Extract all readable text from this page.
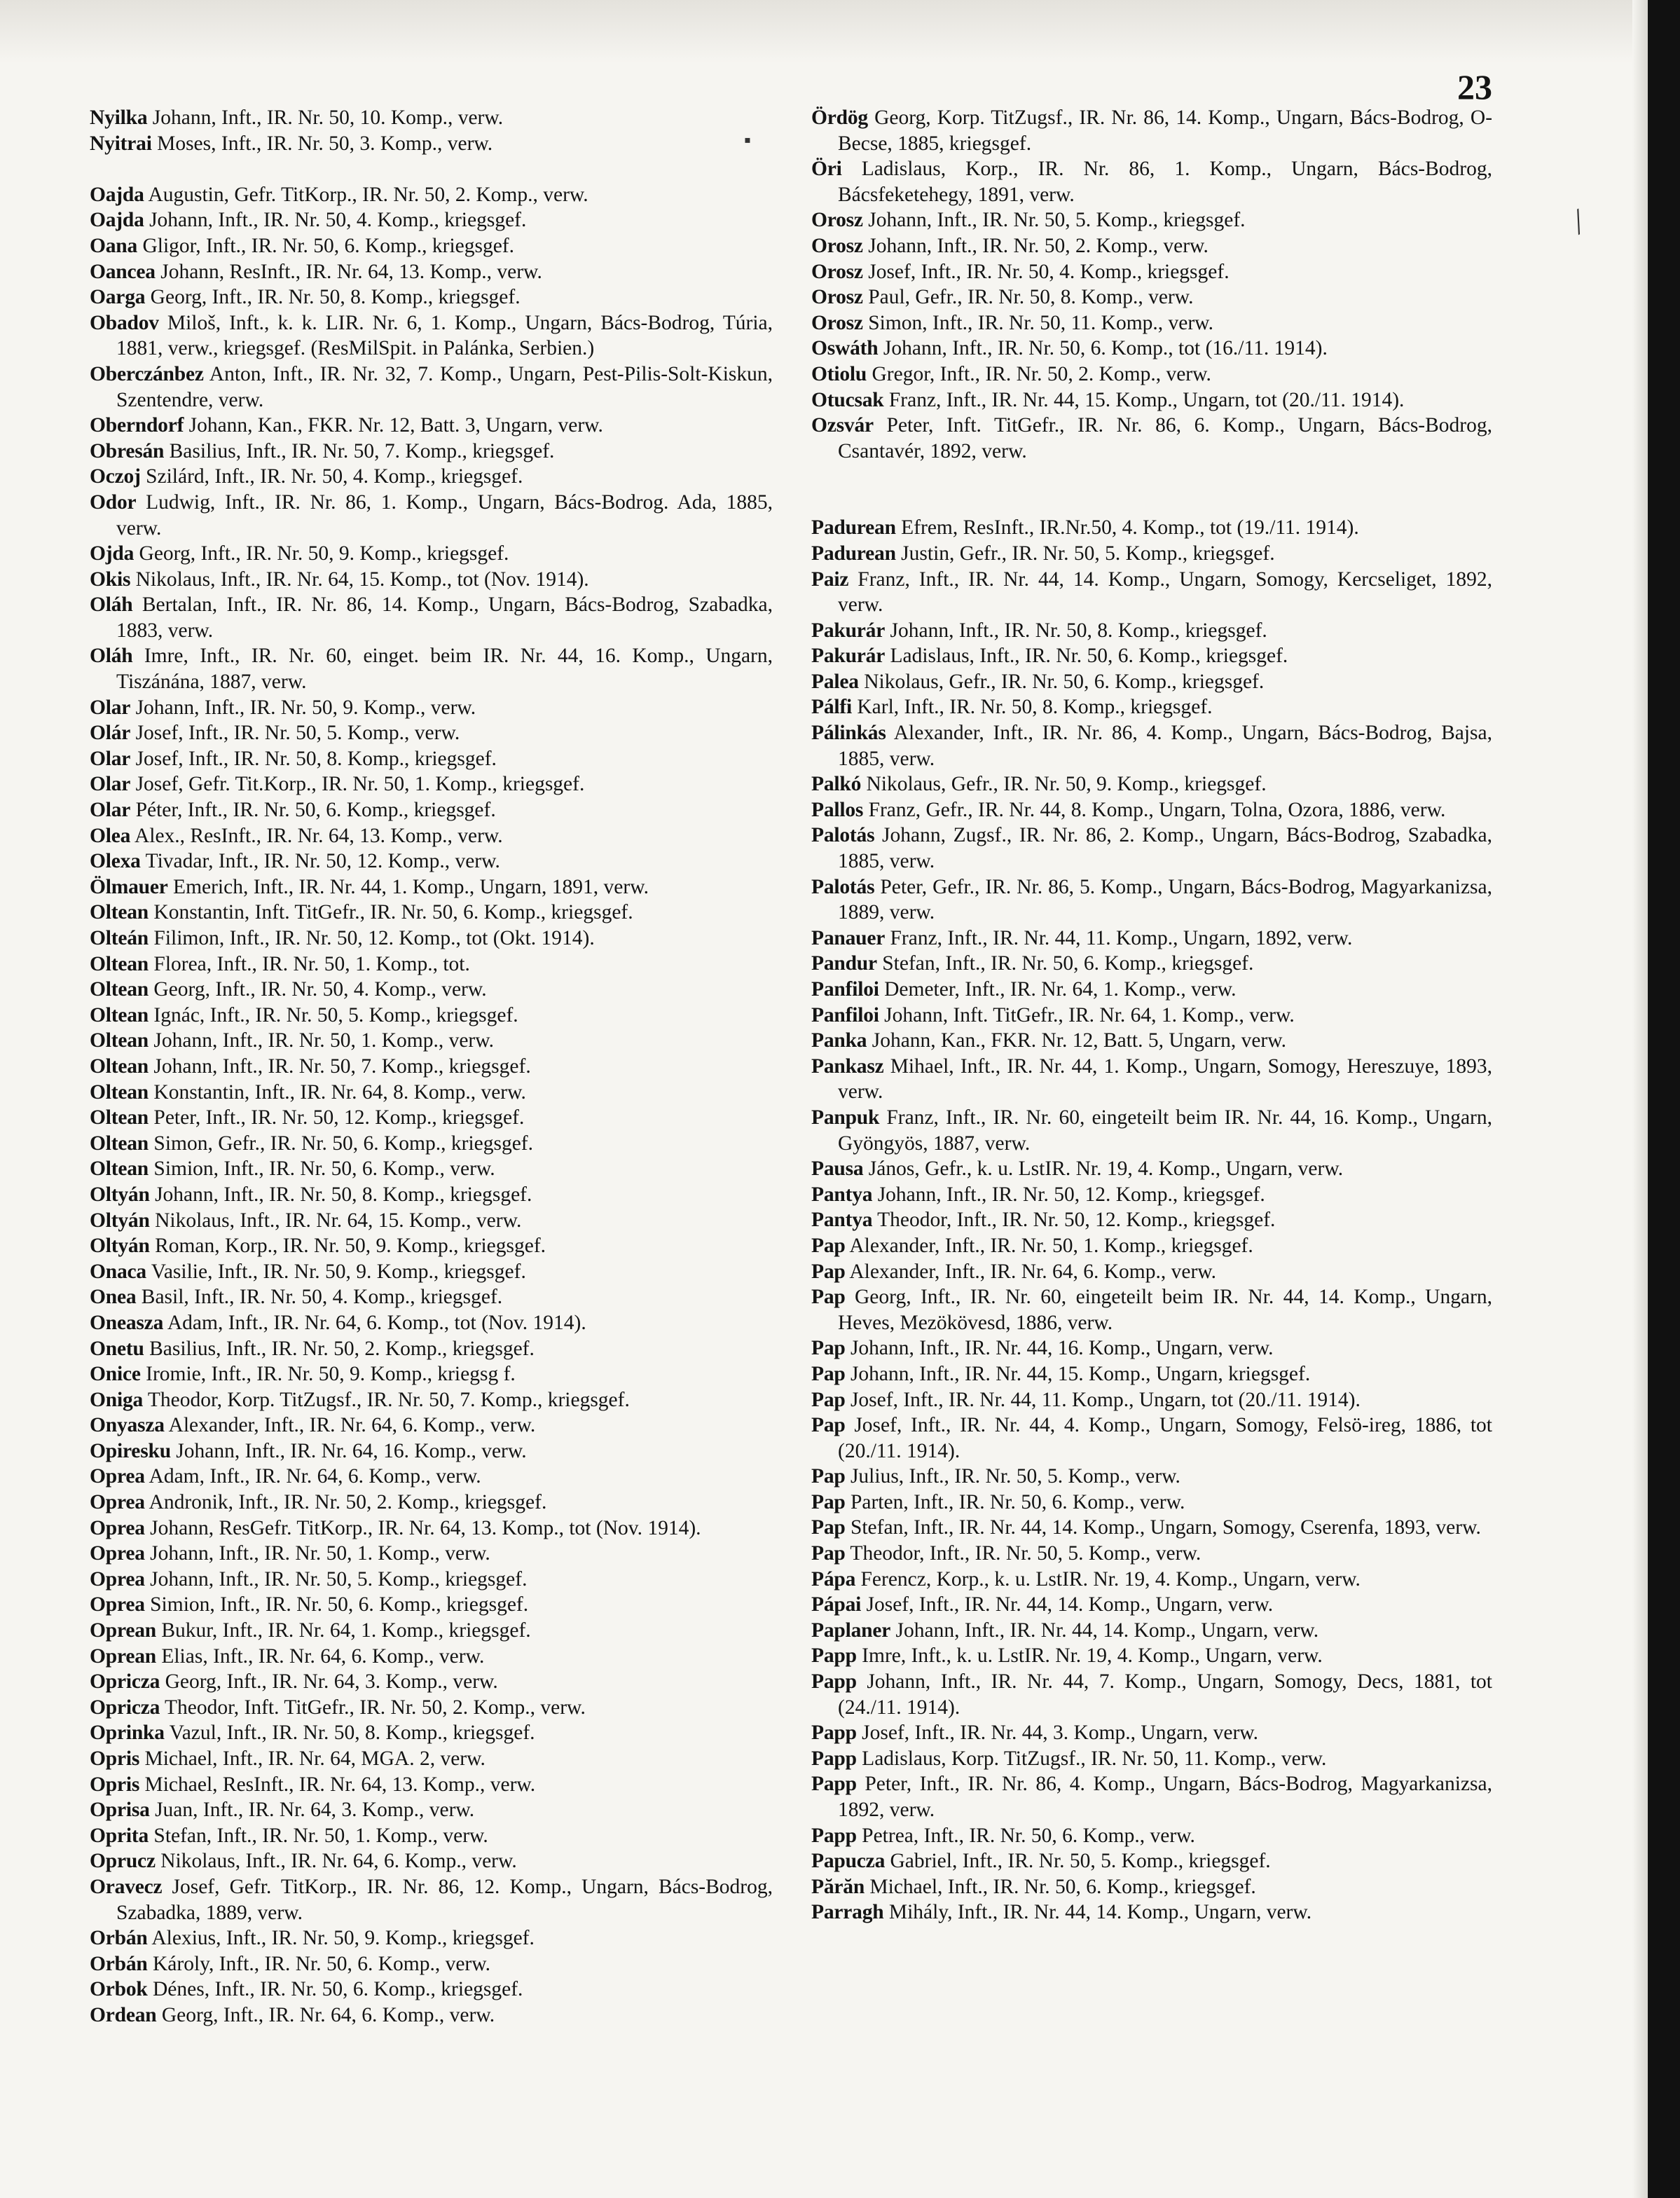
23

Nyilka Johann, Inft., IR. Nr. 50, 10. Komp., verw.

Nyitrai Moses, Inft., IR. Nr. 50, 3. Komp., verw.

Oajda Augustin, Gefr. TitKorp., IR. Nr. 50, 2. Komp., verw.

Oajda Johann, Inft., IR. Nr. 50, 4. Komp., kriegsgef.

Oana Gligor, Inft., IR. Nr. 50, 6. Komp., kriegsgef.

Oancea Johann, ResInft., IR. Nr. 64, 13. Komp., verw.

Oarga Georg, Inft., IR. Nr. 50, 8. Komp., kriegsgef.

Obadov Miloš, Inft., k. k. LIR. Nr. 6, 1. Komp., Ungarn, Bács-Bodrog, Túria, 1881, verw., kriegsgef. (ResMilSpit. in Palánka, Serbien.)

Oberczánbez Anton, Inft., IR. Nr. 32, 7. Komp., Ungarn, Pest-Pilis-Solt-Kiskun, Szentendre, verw.

Oberndorf Johann, Kan., FKR. Nr. 12, Batt. 3, Ungarn, verw.

Obresán Basilius, Inft., IR. Nr. 50, 7. Komp., kriegsgef.

Oczoj Szilárd, Inft., IR. Nr. 50, 4. Komp., kriegsgef.

Odor Ludwig, Inft., IR. Nr. 86, 1. Komp., Ungarn, Bács-Bodrog. Ada, 1885, verw.

Ojda Georg, Inft., IR. Nr. 50, 9. Komp., kriegsgef.

Okis Nikolaus, Inft., IR. Nr. 64, 15. Komp., tot (Nov. 1914).

Oláh Bertalan, Inft., IR. Nr. 86, 14. Komp., Ungarn, Bács-Bodrog, Szabadka, 1883, verw.

Oláh Imre, Inft., IR. Nr. 60, einget. beim IR. Nr. 44, 16. Komp., Ungarn, Tiszánána, 1887, verw.

Olar Johann, Inft., IR. Nr. 50, 9. Komp., verw.

Olár Josef, Inft., IR. Nr. 50, 5. Komp., verw.

Olar Josef, Inft., IR. Nr. 50, 8. Komp., kriegsgef.

Olar Josef, Gefr. Tit.Korp., IR. Nr. 50, 1. Komp., kriegsgef.

Olar Péter, Inft., IR. Nr. 50, 6. Komp., kriegsgef.

Olea Alex., ResInft., IR. Nr. 64, 13. Komp., verw.

Olexa Tivadar, Inft., IR. Nr. 50, 12. Komp., verw.

Ölmauer Emerich, Inft., IR. Nr. 44, 1. Komp., Ungarn, 1891, verw.

Oltean Konstantin, Inft. TitGefr., IR. Nr. 50, 6. Komp., kriegsgef.

Olteán Filimon, Inft., IR. Nr. 50, 12. Komp., tot (Okt. 1914).

Oltean Florea, Inft., IR. Nr. 50, 1. Komp., tot.

Oltean Georg, Inft., IR. Nr. 50, 4. Komp., verw.

Oltean Ignác, Inft., IR. Nr. 50, 5. Komp., kriegsgef.

Oltean Johann, Inft., IR. Nr. 50, 1. Komp., verw.

Oltean Johann, Inft., IR. Nr. 50, 7. Komp., kriegsgef.

Oltean Konstantin, Inft., IR. Nr. 64, 8. Komp., verw.

Oltean Peter, Inft., IR. Nr. 50, 12. Komp., kriegsgef.

Oltean Simon, Gefr., IR. Nr. 50, 6. Komp., kriegsgef.

Oltean Simion, Inft., IR. Nr. 50, 6. Komp., verw.

Oltyán Johann, Inft., IR. Nr. 50, 8. Komp., kriegsgef.

Oltyán Nikolaus, Inft., IR. Nr. 64, 15. Komp., verw.

Oltyán Roman, Korp., IR. Nr. 50, 9. Komp., kriegsgef.

Onaca Vasilie, Inft., IR. Nr. 50, 9. Komp., kriegsgef.

Onea Basil, Inft., IR. Nr. 50, 4. Komp., kriegsgef.

Oneasza Adam, Inft., IR. Nr. 64, 6. Komp., tot (Nov. 1914).

Onetu Basilius, Inft., IR. Nr. 50, 2. Komp., kriegsgef.

Onice Iromie, Inft., IR. Nr. 50, 9. Komp., kriegsg f.

Oniga Theodor, Korp. TitZugsf., IR. Nr. 50, 7. Komp., kriegsgef.

Onyasza Alexander, Inft., IR. Nr. 64, 6. Komp., verw.

Opiresku Johann, Inft., IR. Nr. 64, 16. Komp., verw.

Oprea Adam, Inft., IR. Nr. 64, 6. Komp., verw.

Oprea Andronik, Inft., IR. Nr. 50, 2. Komp., kriegsgef.

Oprea Johann, ResGefr. TitKorp., IR. Nr. 64, 13. Komp., tot (Nov. 1914).

Oprea Johann, Inft., IR. Nr. 50, 1. Komp., verw.

Oprea Johann, Inft., IR. Nr. 50, 5. Komp., kriegsgef.

Oprea Simion, Inft., IR. Nr. 50, 6. Komp., kriegsgef.

Oprean Bukur, Inft., IR. Nr. 64, 1. Komp., kriegsgef.

Oprean Elias, Inft., IR. Nr. 64, 6. Komp., verw.

Opricza Georg, Inft., IR. Nr. 64, 3. Komp., verw.

Opricza Theodor, Inft. TitGefr., IR. Nr. 50, 2. Komp., verw.

Oprinka Vazul, Inft., IR. Nr. 50, 8. Komp., kriegsgef.

Opris Michael, Inft., IR. Nr. 64, MGA. 2, verw.

Opris Michael, ResInft., IR. Nr. 64, 13. Komp., verw.

Oprisa Juan, Inft., IR. Nr. 64, 3. Komp., verw.

Oprita Stefan, Inft., IR. Nr. 50, 1. Komp., verw.

Oprucz Nikolaus, Inft., IR. Nr. 64, 6. Komp., verw.

Oravecz Josef, Gefr. TitKorp., IR. Nr. 86, 12. Komp., Ungarn, Bács-Bodrog, Szabadka, 1889, verw.

Orbán Alexius, Inft., IR. Nr. 50, 9. Komp., kriegsgef.

Orbán Károly, Inft., IR. Nr. 50, 6. Komp., verw.

Orbok Dénes, Inft., IR. Nr. 50, 6. Komp., kriegsgef.

Ordean Georg, Inft., IR. Nr. 64, 6. Komp., verw.

Ördög Georg, Korp. TitZugsf., IR. Nr. 86, 14. Komp., Ungarn, Bács-Bodrog, O-Becse, 1885, kriegsgef.

Öri Ladislaus, Korp., IR. Nr. 86, 1. Komp., Ungarn, Bács-Bodrog, Bácsfeketehegy, 1891, verw.

Orosz Johann, Inft., IR. Nr. 50, 5. Komp., kriegsgef.

Orosz Johann, Inft., IR. Nr. 50, 2. Komp., verw.

Orosz Josef, Inft., IR. Nr. 50, 4. Komp., kriegsgef.

Orosz Paul, Gefr., IR. Nr. 50, 8. Komp., verw.

Orosz Simon, Inft., IR. Nr. 50, 11. Komp., verw.

Oswáth Johann, Inft., IR. Nr. 50, 6. Komp., tot (16./11. 1914).

Otiolu Gregor, Inft., IR. Nr. 50, 2. Komp., verw.

Otucsak Franz, Inft., IR. Nr. 44, 15. Komp., Ungarn, tot (20./11. 1914).

Ozsvár Peter, Inft. TitGefr., IR. Nr. 86, 6. Komp., Ungarn, Bács-Bodrog, Csantavér, 1892, verw.

Padurean Efrem, ResInft., IR.Nr.50, 4. Komp., tot (19./11. 1914).

Padurean Justin, Gefr., IR. Nr. 50, 5. Komp., kriegsgef.

Paiz Franz, Inft., IR. Nr. 44, 14. Komp., Ungarn, Somogy, Kercseliget, 1892, verw.

Pakurár Johann, Inft., IR. Nr. 50, 8. Komp., kriegsgef.

Pakurár Ladislaus, Inft., IR. Nr. 50, 6. Komp., kriegsgef.

Palea Nikolaus, Gefr., IR. Nr. 50, 6. Komp., kriegsgef.

Pálfi Karl, Inft., IR. Nr. 50, 8. Komp., kriegsgef.

Pálinkás Alexander, Inft., IR. Nr. 86, 4. Komp., Ungarn, Bács-Bodrog, Bajsa, 1885, verw.

Palkó Nikolaus, Gefr., IR. Nr. 50, 9. Komp., kriegsgef.

Pallos Franz, Gefr., IR. Nr. 44, 8. Komp., Ungarn, Tolna, Ozora, 1886, verw.

Palotás Johann, Zugsf., IR. Nr. 86, 2. Komp., Ungarn, Bács-Bodrog, Szabadka, 1885, verw.

Palotás Peter, Gefr., IR. Nr. 86, 5. Komp., Ungarn, Bács-Bodrog, Magyarkanizsa, 1889, verw.

Panauer Franz, Inft., IR. Nr. 44, 11. Komp., Ungarn, 1892, verw.

Pandur Stefan, Inft., IR. Nr. 50, 6. Komp., kriegsgef.

Panfiloi Demeter, Inft., IR. Nr. 64, 1. Komp., verw.

Panfiloi Johann, Inft. TitGefr., IR. Nr. 64, 1. Komp., verw.

Panka Johann, Kan., FKR. Nr. 12, Batt. 5, Ungarn, verw.

Pankasz Mihael, Inft., IR. Nr. 44, 1. Komp., Ungarn, Somogy, Hereszuye, 1893, verw.

Panpuk Franz, Inft., IR. Nr. 60, eingeteilt beim IR. Nr. 44, 16. Komp., Ungarn, Gyöngyös, 1887, verw.

Pausa János, Gefr., k. u. LstIR. Nr. 19, 4. Komp., Ungarn, verw.

Pantya Johann, Inft., IR. Nr. 50, 12. Komp., kriegsgef.

Pantya Theodor, Inft., IR. Nr. 50, 12. Komp., kriegsgef.

Pap Alexander, Inft., IR. Nr. 50, 1. Komp., kriegsgef.

Pap Alexander, Inft., IR. Nr. 64, 6. Komp., verw.

Pap Georg, Inft., IR. Nr. 60, eingeteilt beim IR. Nr. 44, 14. Komp., Ungarn, Heves, Mezökövesd, 1886, verw.

Pap Johann, Inft., IR. Nr. 44, 16. Komp., Ungarn, verw.

Pap Johann, Inft., IR. Nr. 44, 15. Komp., Ungarn, kriegsgef.

Pap Josef, Inft., IR. Nr. 44, 11. Komp., Ungarn, tot (20./11. 1914).

Pap Josef, Inft., IR. Nr. 44, 4. Komp., Ungarn, Somogy, Felsö-ireg, 1886, tot (20./11. 1914).

Pap Julius, Inft., IR. Nr. 50, 5. Komp., verw.

Pap Parten, Inft., IR. Nr. 50, 6. Komp., verw.

Pap Stefan, Inft., IR. Nr. 44, 14. Komp., Ungarn, Somogy, Cserenfa, 1893, verw.

Pap Theodor, Inft., IR. Nr. 50, 5. Komp., verw.

Pápa Ferencz, Korp., k. u. LstIR. Nr. 19, 4. Komp., Ungarn, verw.

Pápai Josef, Inft., IR. Nr. 44, 14. Komp., Ungarn, verw.

Paplaner Johann, Inft., IR. Nr. 44, 14. Komp., Ungarn, verw.

Papp Imre, Inft., k. u. LstIR. Nr. 19, 4. Komp., Ungarn, verw.

Papp Johann, Inft., IR. Nr. 44, 7. Komp., Ungarn, Somogy, Decs, 1881, tot (24./11. 1914).

Papp Josef, Inft., IR. Nr. 44, 3. Komp., Ungarn, verw.

Papp Ladislaus, Korp. TitZugsf., IR. Nr. 50, 11. Komp., verw.

Papp Peter, Inft., IR. Nr. 86, 4. Komp., Ungarn, Bács-Bodrog, Magyarkanizsa, 1892, verw.

Papp Petrea, Inft., IR. Nr. 50, 6. Komp., verw.

Papucza Gabriel, Inft., IR. Nr. 50, 5. Komp., kriegsgef.

Părăn Michael, Inft., IR. Nr. 50, 6. Komp., kriegsgef.

Parragh Mihály, Inft., IR. Nr. 44, 14. Komp., Ungarn, verw.

▪
╱
